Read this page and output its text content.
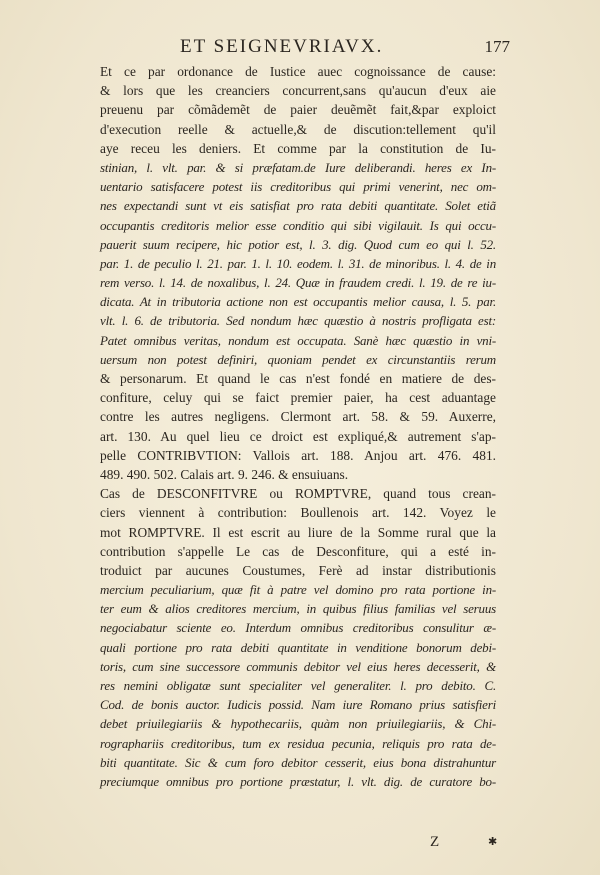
ET SEIGNEVRIAVX.	177
Et ce par ordonance de Iustice auec cognoissance de cause:
& lors que les creanciers concurrent,sans qu'aucun d'eux aie
preuenu par cõmãdemẽt de paier deuẽmẽt fait,&par exploict
d'execution reelle & actuelle,& de discution:tellement qu'il
aye receu les deniers. Et comme par la constitution de Iu-
stinian, l. vlt. par. & si præfatam.de Iure deliberandi. heres ex In-
uentario satisfacere potest iis creditoribus qui primi venerint, nec om-
nes expectandi sunt vt eis satisfiat pro rata debiti quantitate. Solet etiã
occupantis creditoris melior esse conditio qui sibi vigilauit. Is qui occu-
pauerit suum recipere, hic potior est, l. 3. dig. Quod cum eo qui l. 52.
par. 1. de peculio l. 21. par. 1. l. 10. eodem. l. 31. de minoribus. l. 4. de in
rem verso. l. 14. de noxalibus, l. 24. Quæ in fraudem credi. l. 19. de re iu-
dicata. At in tributoria actione non est occupantis melior causa, l. 5. par.
vlt. l. 6. de tributoria. Sed nondum hæc quæstio à nostris profligata est:
Patet omnibus veritas, nondum est occupata. Sanè hæc quæstio in vni-
uersum non potest definiri, quoniam pendet ex circunstantiis rerum
& personarum. Et quand le cas n'est fondé en matiere de des-
confiture, celuy qui se faict premier paier, ha cest aduantage
contre les autres negligens. Clermont art. 58. & 59. Auxerre,
art. 130. Au quel lieu ce droict est expliqué,& autrement s'ap-
pelle CONTRIBVTION: Vallois art. 188. Anjou art. 476. 481.
489. 490. 502. Calais art. 9. 246. & ensuiuans.
Cas de DESCONFITVRE ou ROMPTVRE, quand tous crean-
ciers viennent à contribution: Boullenois art. 142. Voyez le
mot ROMPTVRE. Il est escrit au liure de la Somme rural que la
contribution s'appelle Le cas de Desconfiture, qui a esté in-
troduict par aucunes Coustumes, Ferè ad instar distributionis
mercium peculiarium, quæ fit à patre vel domino pro rata portione in-
ter eum & alios creditores mercium, in quibus filius familias vel seruus
negociabatur sciente eo. Interdum omnibus creditoribus consulitur æ-
quali portione pro rata debiti quantitate in venditione bonorum debi-
toris, cum sine successore communis debitor vel eius heres decesserit, &
res nemini obligatæ sunt specialiter vel generaliter. l. pro debito. C.
Cod. de bonis auctor. Iudicis possid. Nam iure Romano prius satisfieri
debet priuilegiariis & hypothecariis, quàm non priuilegiariis, & Chi-
rographariis creditoribus, tum ex residua pecunia, reliquis pro rata de-
biti quantitate. Sic & cum foro debitor cesserit, eius bona distrahuntur
preciumque omnibus pro portione præstatur, l. vlt. dig. de curatore bo-
Z	✱
